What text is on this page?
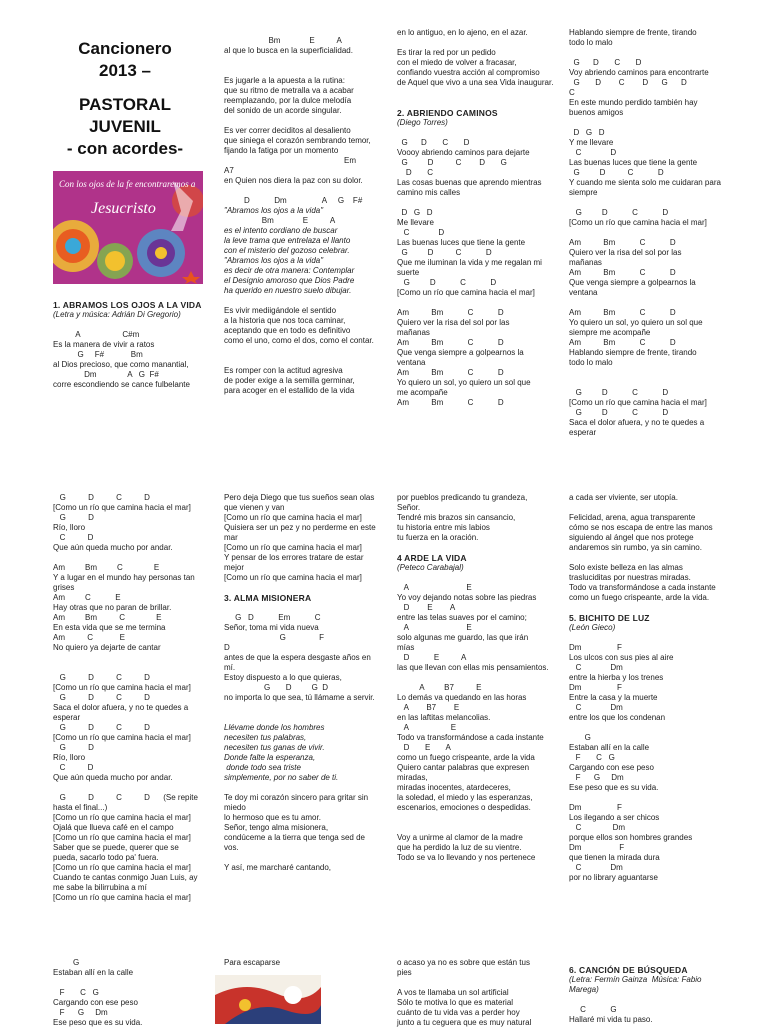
Cancionero

2013 –

PASTORAL

JUVENIL

- con acordes-

Con los ojos de la fe encontraremos a
Jesucristo

1. ABRAMOS LOS OJOS A LA VIDA

(Letra y música: Adrián Di Gregorio)

A                   C#m

Es la manera de vivir a ratos

G     F#            Bm

al Dios precioso, que como manantial,

Dm              A   G  F#

corre escondiendo se cance fulbelante

Bm             E          A

al que lo busca en la superficialidad.

Es jugarle a la apuesta a la rutina:

que su ritmo de metralla va a acabar

reemplazando, por la dulce melodía

del sonido de un acorde singular.

Es ver correr deciditos al desaliento

que siniega el corazón sembrando temor,

fijando la fatiga por un momento

Em

A7

en Quien nos diera la paz con su dolor.

D           Dm                A     G    F#

"Abramos los ojos a la vida"

Bm             E          A

es el intento cordiano de buscar

la leve trama que entrelaza el llanto

con el misterio del gozoso celebrar.

"Abramos los ojos a la vida"

es decir de otra manera: Contemplar

el Designio amoroso que Dios Padre

ha querido en nuestro suelo dibujar.

Es vivir mediigándole el sentido

a la historia que nos toca caminar,

aceptando que en todo es definitivo

como el uno, como el dos, como el contar.

Es romper con la actitud agresiva

de poder exige a la semilla germinar,

para acoger en el estallido de la vida

en lo antiguo, en lo ajeno, en el azar.

Es tirar la red por un pedido

con el miedo de volver a fracasar,

confiando vuestra acción al compromiso

de Aquel que vivo a una sea Vida inaugurar.

2. ABRIENDO CAMINOS

(Diego Torres)

G      D       C       D

Voooy abriendo caminos para dejarte

G         D          C        D       G

D       C

Las cosas buenas que aprendo mientras

camino mis calles

D   G   D

Me llevare

C             D

Las buenas luces que tiene la gente

G         D          C           D

Que me iluminan la vida y me regalan mi

suerte

G         D           C           D

[Como un río que camina hacia el mar]

Am          Bm           C           D

Quiero ver la risa del sol por las

mañanas

Am          Bm           C           D

Que venga siempre a golpearnos la

ventana

Am          Bm           C           D

Yo quiero un sol, yo quiero un sol que

me acompañe

Am          Bm           C           D

Hablando siempre de frente, tirando

todo lo malo

G      D       C       D

Voy abriendo caminos para encontrarte

G       D        C        D      G      D

C

En este mundo perdido también hay

buenos amigos

D   G   D

Y me llevare

C             D

Las buenas luces que tiene la gente

G         D          C           D

Y cuando me sienta solo me cuidaran para

siempre

G         D           C           D

[Como un río que camina hacia el mar]

Am          Bm           C           D

Quiero ver la risa del sol por las

mañanas

Am          Bm           C           D

Que venga siempre a golpearnos la

ventana

Am          Bm           C           D

Yo quiero un sol, yo quiero un sol que

siempre me acompañe

Am          Bm           C           D

Hablando siempre de frente, tirando

todo lo malo

G         D           C           D

[Como un río que camina hacia el mar]

G         D           C           D

Saca el dolor afuera, y no te quedes a

esperar

G          D          C          D

[Como un río que camina hacia el mar]

G          D

Río, lloro

C          D

Que aún queda mucho por andar.

Am         Bm         C              E

Y a lugar en el mundo hay personas tan

grises

Am         C           E

Hay otras que no paran de brillar.

Am         Bm          C              E

En esta vida que se me termina

Am          C            E

No quiero ya dejarte de cantar

G          D          C          D

[Como un río que camina hacia el mar]

G          D          C          D

Saca el dolor afuera, y no te quedes a

esperar

G          D          C          D

[Como un río que camina hacia el mar]

G          D

Río, lloro

C          D

Que aún queda mucho por andar.

G          D          C          D      (Se repite

hasta el final...)

[Como un río que camina hacia el mar]

Ojalá que llueva café en el campo

[Como un río que camina hacia el mar]

Saber que se puede, querer que se

pueda, sacarlo todo pa' fuera.

[Como un río que camina hacia el mar]

Cuando te cantas conmigo Juan Luis, ay

me sabe la bilirrubina a mí

[Como un río que camina hacia el mar]

Pero deja Diego que tus sueños sean olas

que vienen y van

[Como un río que camina hacia el mar]

Quisiera ser un pez y no perderme en este

mar

[Como un río que camina hacia el mar]

Y pensar de los errores tratare de estar

mejor

[Como un río que camina hacia el mar]

3. ALMA MISIONERA

G   D           Em           C

Señor, toma mi vida nueva

G               F

D

antes de que la espera desgaste años en

mí.

Estoy dispuesto a lo que quieras,

G       D         G  D

no importa lo que sea, tú llámame a servir.

Llévame donde los hombres

necesiten tus palabras,

necesiten tus ganas de vivir.

Donde falte la esperanza,

donde todo sea triste

simplemente, por no saber de ti.

Te doy mi corazón sincero para gritar sin

miedo

lo hermoso que es tu amor.

Señor, tengo alma misionera,

condúceme a la tierra que tenga sed de

vos.

Y así, me marcharé cantando,

por pueblos predicando tu grandeza,

Señor.

Tendré mis brazos sin cansancio,

tu historia entre mis labios

tu fuerza en la oración.

4 ARDE LA VIDA

(Peteco Carabajal)

A                          E

Yo voy dejando notas sobre las piedras

D        E        A

entre las telas suaves por el camino;

A                          E

solo algunas me guardo, las que irán

mías

D           E          A

las que llevan con ellas mis pensamientos.

A         B7          E

Lo demás va quedando en las horas

A        B7        E

en las laftitas melancolias.

A                   E

Todo va transformándose a cada instante

D       E       A

como un fuego crispeante, arde la vida

Quiero cantar palabras que expresen

miradas,

miradas inocentes, atardeceres,

la soledad, el miedo y las esperanzas,

escenarios, emociones o despedidas.

Voy a unirme al clamor de la madre

que ha perdido la luz de su vientre.

Todo se va lo llevando y nos pertenece

a cada ser viviente, ser utopía.

Felicidad, arena, agua transparente

cómo se nos escapa de entre las manos

siguiendo al ángel que nos protege

andaremos sin rumbo, ya sin camino.

Solo existe belleza en las almas

trasluciditas por nuestras miradas.

Todo va transformándose a cada instante

como un fuego crispeante, arde la vida.

5. BICHITO DE LUZ

(León Gieco)

Dm                F

Los ulcos con sus pies al aire

C             Dm

entre la hierba y los trenes

Dm                F

Entre la casa y la muerte

C             Dm

entre los que los condenan

G

Estaban allí en la calle

F       C   G

Cargando con ese peso

F      G     Dm

Ese peso que es su vida.

Dm                F

Los ilegando a ser chicos

C              Dm

porque ellos son hombres grandes

Dm                 F

que tienen la mirada dura

C             Dm

por no library aguantarse

G

Estaban allí en la calle

F       C   G

Cargando con ese peso

F      G     Dm

Ese peso que es su vida.

Para escaparse	o acaso ya no es sobre que están tus

pies

A vos te llamaba un sol artificial

Sólo te motiva lo que es material

cuánto de tu vida vas a perder hoy

junto a tu ceguera que es muy natural

6. CANCIÓN DE BÚSQUEDA

(Letra: Fermín Gainza  Música: Fabio

Marega)

C           G

Hallaré mi vida tu paso.
